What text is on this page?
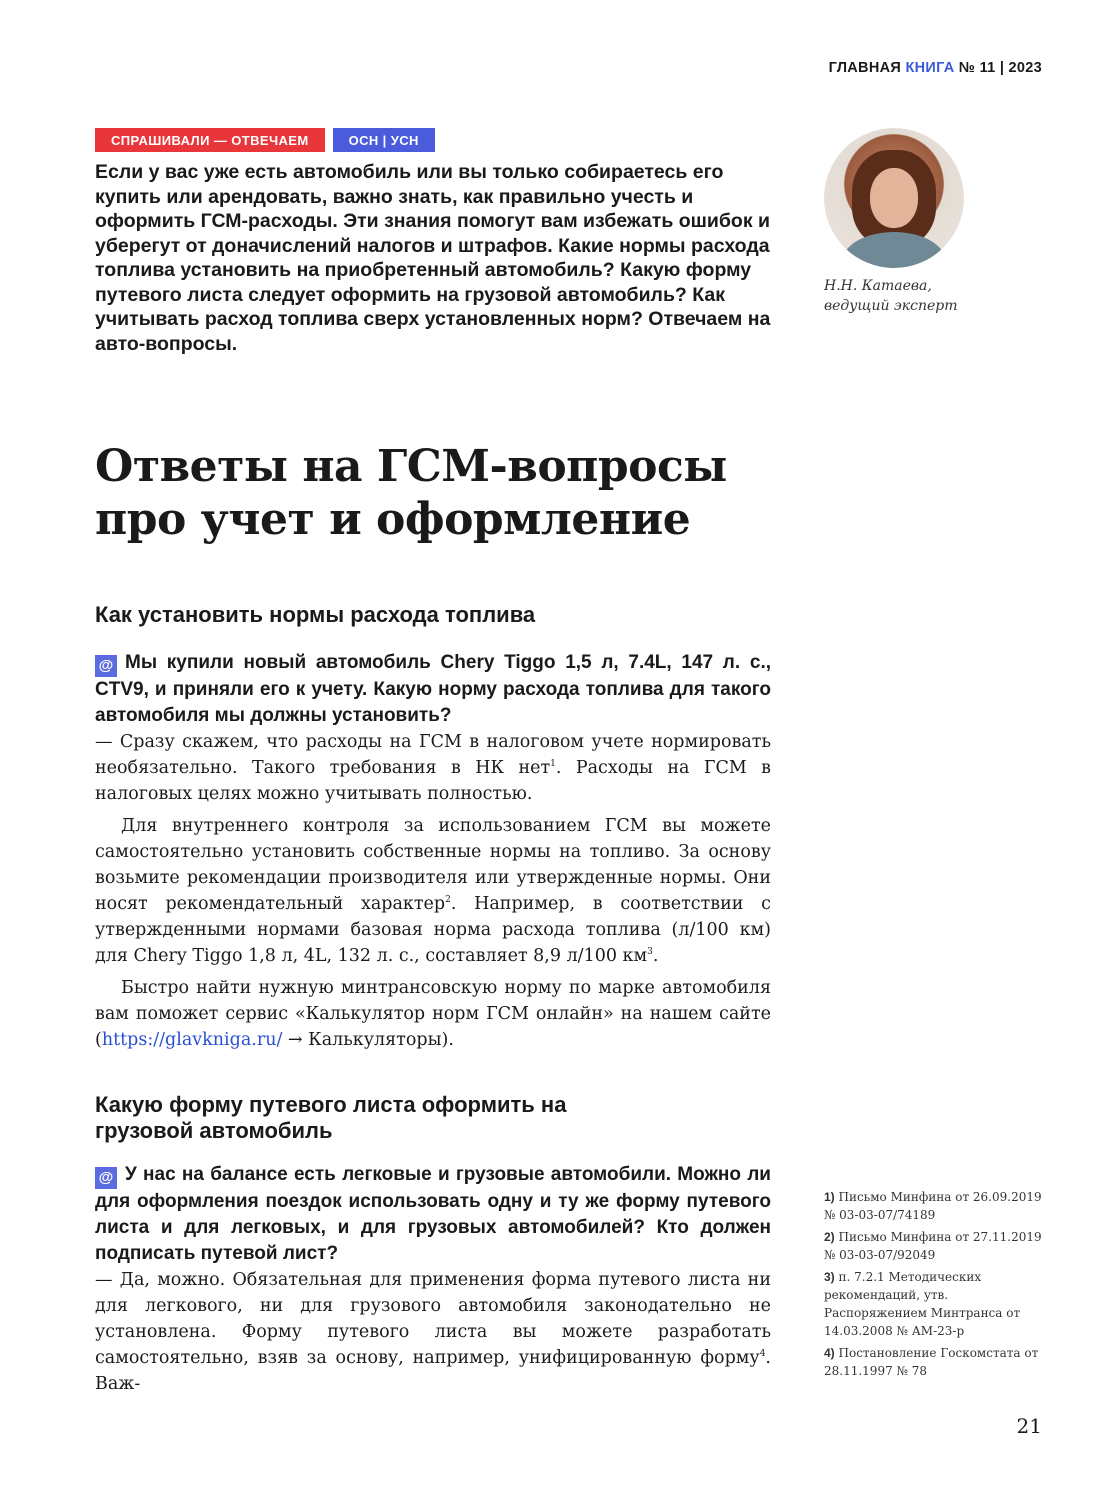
ГЛАВНАЯ КНИГА № 11 | 2023
СПРАШИВАЛИ — ОТВЕЧАЕМ	ОСН | УСН

Если у вас уже есть автомобиль или вы только собираетесь его купить или арендовать, важно знать, как правильно учесть и оформить ГСМ-расходы. Эти знания помогут вам избежать ошибок и уберегут от доначислений налогов и штрафов. Какие нормы расхода топлива установить на приобретенный автомобиль? Какую форму путевого листа следует оформить на грузовой автомобиль? Как учитывать расход топлива сверх установленных норм? Отвечаем на авто-вопросы.

Н.Н. Катаева,
ведущий эксперт
Ответы на ГСМ-вопросы про учет и оформление
Как установить нормы расхода топлива

@ Мы купили новый автомобиль Chery Tiggo 1,5 л, 7.4L, 147 л. с., CTV9, и приняли его к учету. Какую норму расхода топлива для такого автомобиля мы должны установить?

— Сразу скажем, что расходы на ГСМ в налоговом учете нормировать необязательно. Такого требования в НК нет$^1$. Расходы на ГСМ в налоговых целях можно учитывать полностью.

Для внутреннего контроля за использованием ГСМ вы можете самостоятельно установить собственные нормы на топливо. За основу возьмите рекомендации производителя или утвержденные нормы. Они носят рекомендательный характер$^2$. Например, в соответствии с утвержденными нормами базовая норма расхода топлива (л/100 км) для Chery Tiggo 1,8 л, 4L, 132 л. с., составляет 8,9 л/100 $км^3$.

Быстро найти нужную минтрансовскую норму по марке автомобиля вам поможет сервис «Калькулятор норм ГСМ онлайн» на нашем сайте (https://glavkniga.ru/ → Калькуляторы).

Какую форму путевого листа оформить на грузовой автомобиль

@ У нас на балансе есть легковые и грузовые автомобили. Можно ли для оформления поездок использовать одну и ту же форму путевого листа и для легковых, и для грузовых автомобилей? Кто должен подписать путевой лист?

— Да, можно. Обязательная для применения форма путевого листа ни для легкового, ни для грузового автомобиля законодательно не установлена. Форму путевого листа вы можете разработать самостоятельно, взяв за основу, например, унифицированную форму$^4$. Важ-

1) Письмо Минфина от 26.09.2019 № 03-03-07/74189
2) Письмо Минфина от 27.11.2019 № 03-03-07/92049
3) п. 7.2.1 Методических рекомендаций, утв. Распоряжением Минтранса от 14.03.2008 № АМ-23-р
4) Постановление Госкомстата от 28.11.1997 № 78
21
